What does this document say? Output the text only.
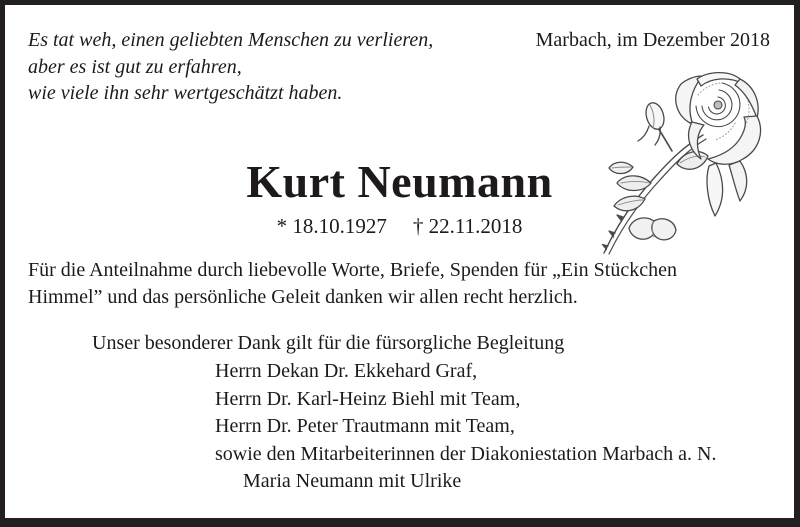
Es tat weh, einen geliebten Menschen zu verlieren,
aber es ist gut zu erfahren,
wie viele ihn sehr wertgeschätzt haben.
Marbach, im Dezember 2018
Kurt Neumann
* 18.10.1927 † 22.11.2018
Für die Anteilnahme durch liebevolle Worte, Briefe, Spenden für „Ein Stückchen
Himmel” und das persönliche Geleit danken wir allen recht herzlich.
Unser besonderer Dank gilt für die fürsorgliche Begleitung
Herrn Dekan Dr. Ekkehard Graf,
Herrn Dr. Karl-Heinz Biehl mit Team,
Herrn Dr. Peter Trautmann mit Team,
sowie den Mitarbeiterinnen der Diakoniestation Marbach a. N.
Maria Neumann mit Ulrike
